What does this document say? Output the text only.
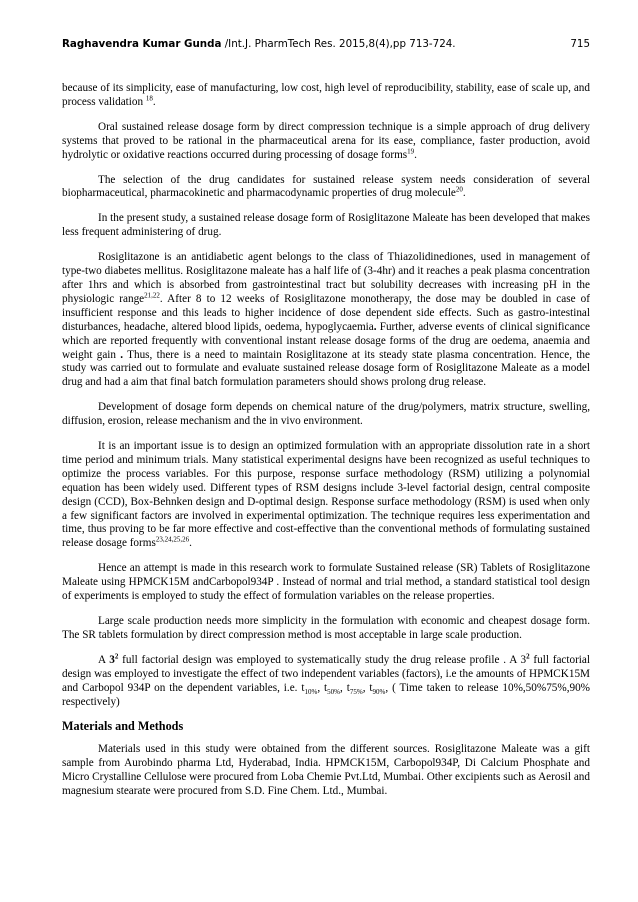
Raghavendra Kumar Gunda /Int.J. PharmTech Res. 2015,8(4),pp 713-724.	715

because of its simplicity, ease of manufacturing, low cost, high level of reproducibility, stability, ease of scale up, and process validation $^{18}$.

Oral sustained release dosage form by direct compression technique is a simple approach of drug delivery systems that proved to be rational in the pharmaceutical arena for its ease, compliance, faster production, avoid hydrolytic or oxidative reactions occurred during processing of dosage forms$^{19}$.

The selection of the drug candidates for sustained release system needs consideration of several biopharmaceutical, pharmacokinetic and pharmacodynamic properties of drug molecule$^{20}$.

In the present study, a sustained release dosage form of Rosiglitazone Maleate has been developed that makes less frequent administering of drug.

Rosiglitazone is an antidiabetic agent belongs to the class of Thiazolidinediones, used in management of type-two diabetes mellitus. Rosiglitazone maleate has a half life of (3-4hr) and it reaches a peak plasma concentration after 1hrs and which is absorbed from gastrointestinal tract but solubility decreases with increasing pH in the physiologic range$^{21,22}$. After 8 to 12 weeks of Rosiglitazone monotherapy, the dose may be doubled in case of insufficient response and this leads to higher incidence of dose dependent side effects. Such as gastro-intestinal disturbances, headache, altered blood lipids, oedema, hypoglycaemia. Further, adverse events of clinical significance which are reported frequently with conventional instant release dosage forms of the drug are oedema, anaemia and weight gain . Thus, there is a need to maintain Rosiglitazone at its steady state plasma concentration. Hence, the study was carried out to formulate and evaluate sustained release dosage form of Rosiglitazone Maleate as a model drug and had a aim that final batch formulation parameters should shows prolong drug release.

Development of dosage form depends on chemical nature of the drug/polymers, matrix structure, swelling, diffusion, erosion, release mechanism and the in vivo environment.

It is an important issue is to design an optimized formulation with an appropriate dissolution rate in a short time period and minimum trials. Many statistical experimental designs have been recognized as useful techniques to optimize the process variables. For this purpose, response surface methodology (RSM) utilizing a polynomial equation has been widely used. Different types of RSM designs include 3-level factorial design, central composite design (CCD), Box-Behnken design and D-optimal design. Response surface methodology (RSM) is used when only a few significant factors are involved in experimental optimization. The technique requires less experimentation and time, thus proving to be far more effective and cost-effective than the conventional methods of formulating sustained release dosage forms$^{23,24,25,26}$.

Hence an attempt is made in this research work to formulate Sustained release (SR) Tablets of Rosiglitazone Maleate using HPMCK15M andCarbopol934P . Instead of normal and trial method, a standard statistical tool design of experiments is employed to study the effect of formulation variables on the release properties.

Large scale production needs more simplicity in the formulation with economic and cheapest dosage form. The SR tablets formulation by direct compression method is most acceptable in large scale production.

A $3^2$ full factorial design was employed to systematically study the drug release profile . A $3^2$ full factorial design was employed to investigate the effect of two independent variables (factors), i.e the amounts of HPMCK15M and Carbopol 934P on the dependent variables, i.e. $t_{10\%}$, $t_{50\%}$, $t_{75\%}$, $t_{90\%}$, ( Time taken to release 10%,50%75%,90% respectively)

Materials and Methods

Materials used in this study were obtained from the different sources. Rosiglitazone Maleate was a gift sample from Aurobindo pharma Ltd, Hyderabad, India. HPMCK15M, Carbopol934P, Di Calcium Phosphate and Micro Crystalline Cellulose were procured from Loba Chemie Pvt.Ltd, Mumbai. Other excipients such as Aerosil and magnesium stearate were procured from S.D. Fine Chem. Ltd., Mumbai.
